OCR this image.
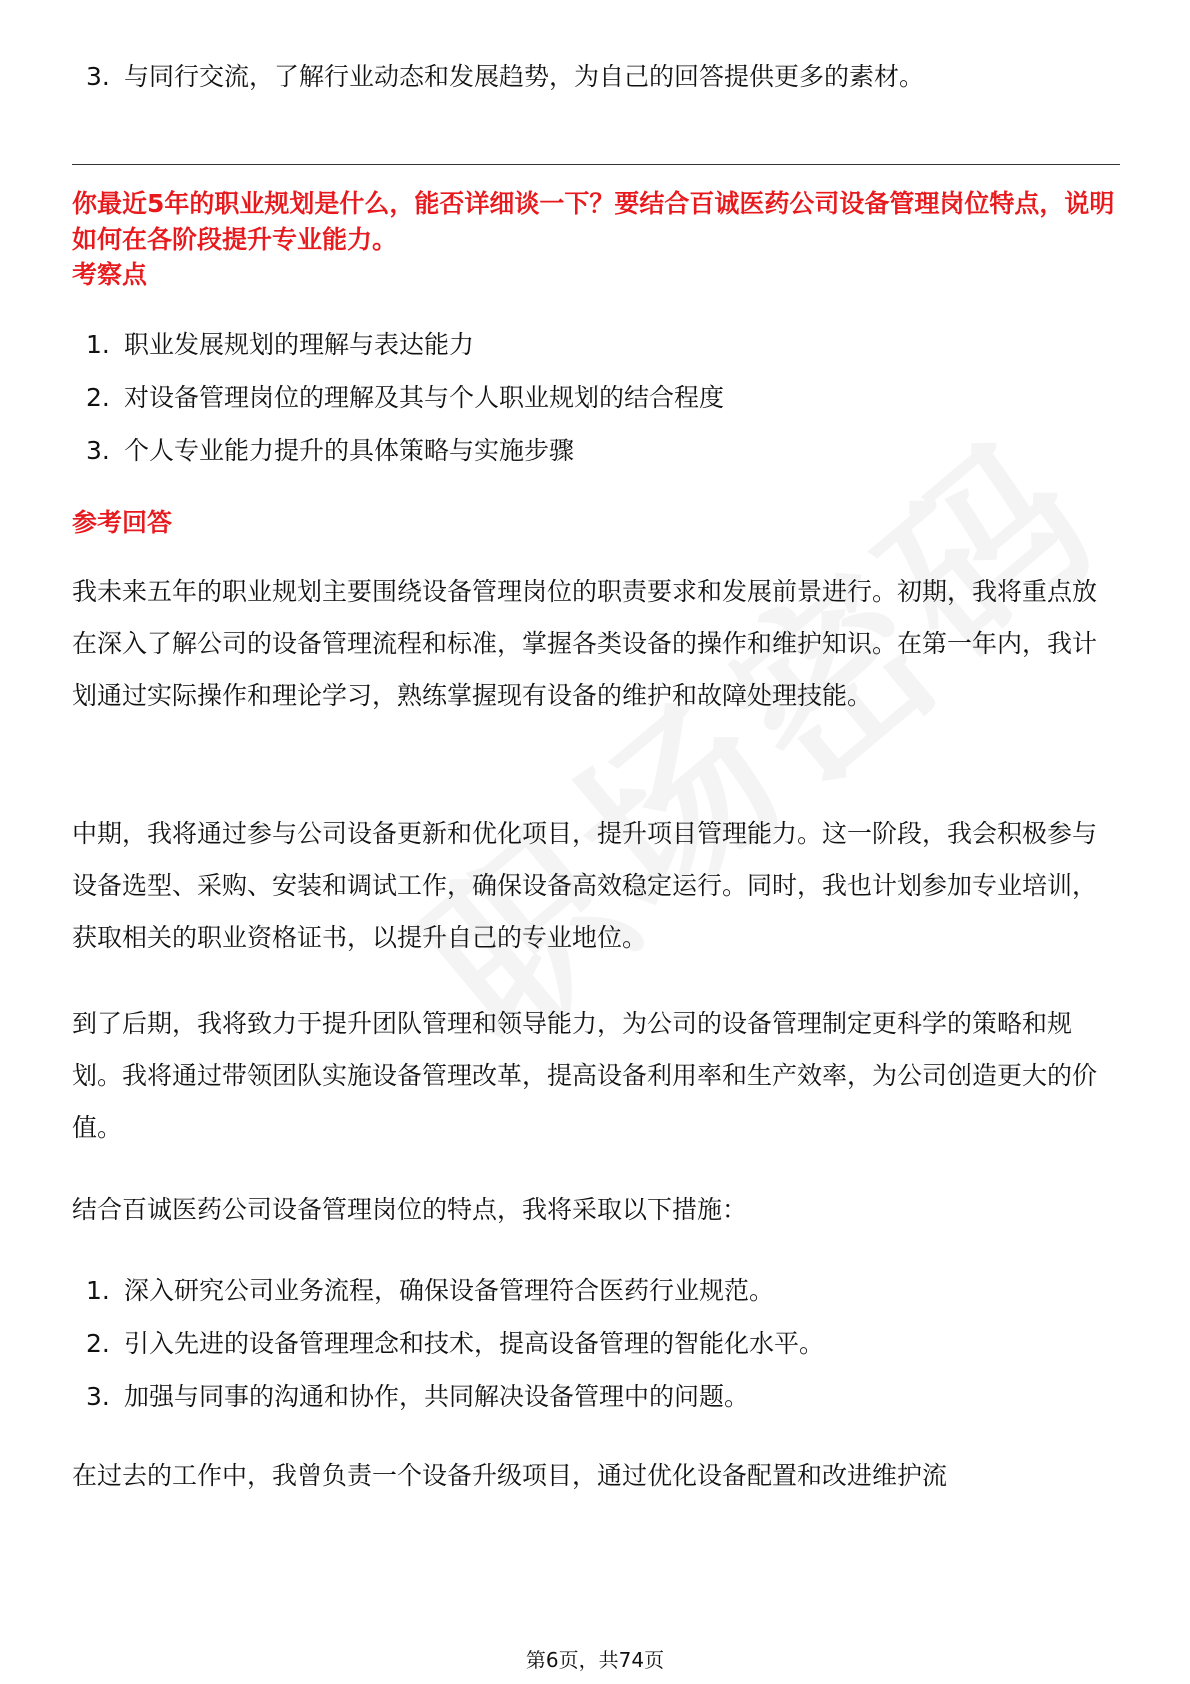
3. 与同行交流，了解行业动态和发展趋势，为自己的回答提供更多的素材。
你最近5年的职业规划是什么，能否详细谈一下？要结合百诚医药公司设备管理岗位特点，说明如何在各阶段提升专业能力。
考察点
1. 职业发展规划的理解与表达能力
2. 对设备管理岗位的理解及其与个人职业规划的结合程度
3. 个人专业能力提升的具体策略与实施步骤
参考回答
我未来五年的职业规划主要围绕设备管理岗位的职责要求和发展前景进行。初期，我将重点放在深入了解公司的设备管理流程和标准，掌握各类设备的操作和维护知识。在第一年内，我计划通过实际操作和理论学习，熟练掌握现有设备的维护和故障处理技能。
中期，我将通过参与公司设备更新和优化项目，提升项目管理能力。这一阶段，我会积极参与设备选型、采购、安装和调试工作，确保设备高效稳定运行。同时，我也计划参加专业培训，获取相关的职业资格证书，以提升自己的专业地位。
到了后期，我将致力于提升团队管理和领导能力，为公司的设备管理制定更科学的策略和规划。我将通过带领团队实施设备管理改革，提高设备利用率和生产效率，为公司创造更大的价值。
结合百诚医药公司设备管理岗位的特点，我将采取以下措施：
1. 深入研究公司业务流程，确保设备管理符合医药行业规范。
2. 引入先进的设备管理理念和技术，提高设备管理的智能化水平。
3. 加强与同事的沟通和协作，共同解决设备管理中的问题。
在过去的工作中，我曾负责一个设备升级项目，通过优化设备配置和改进维护流
第6页，共74页
